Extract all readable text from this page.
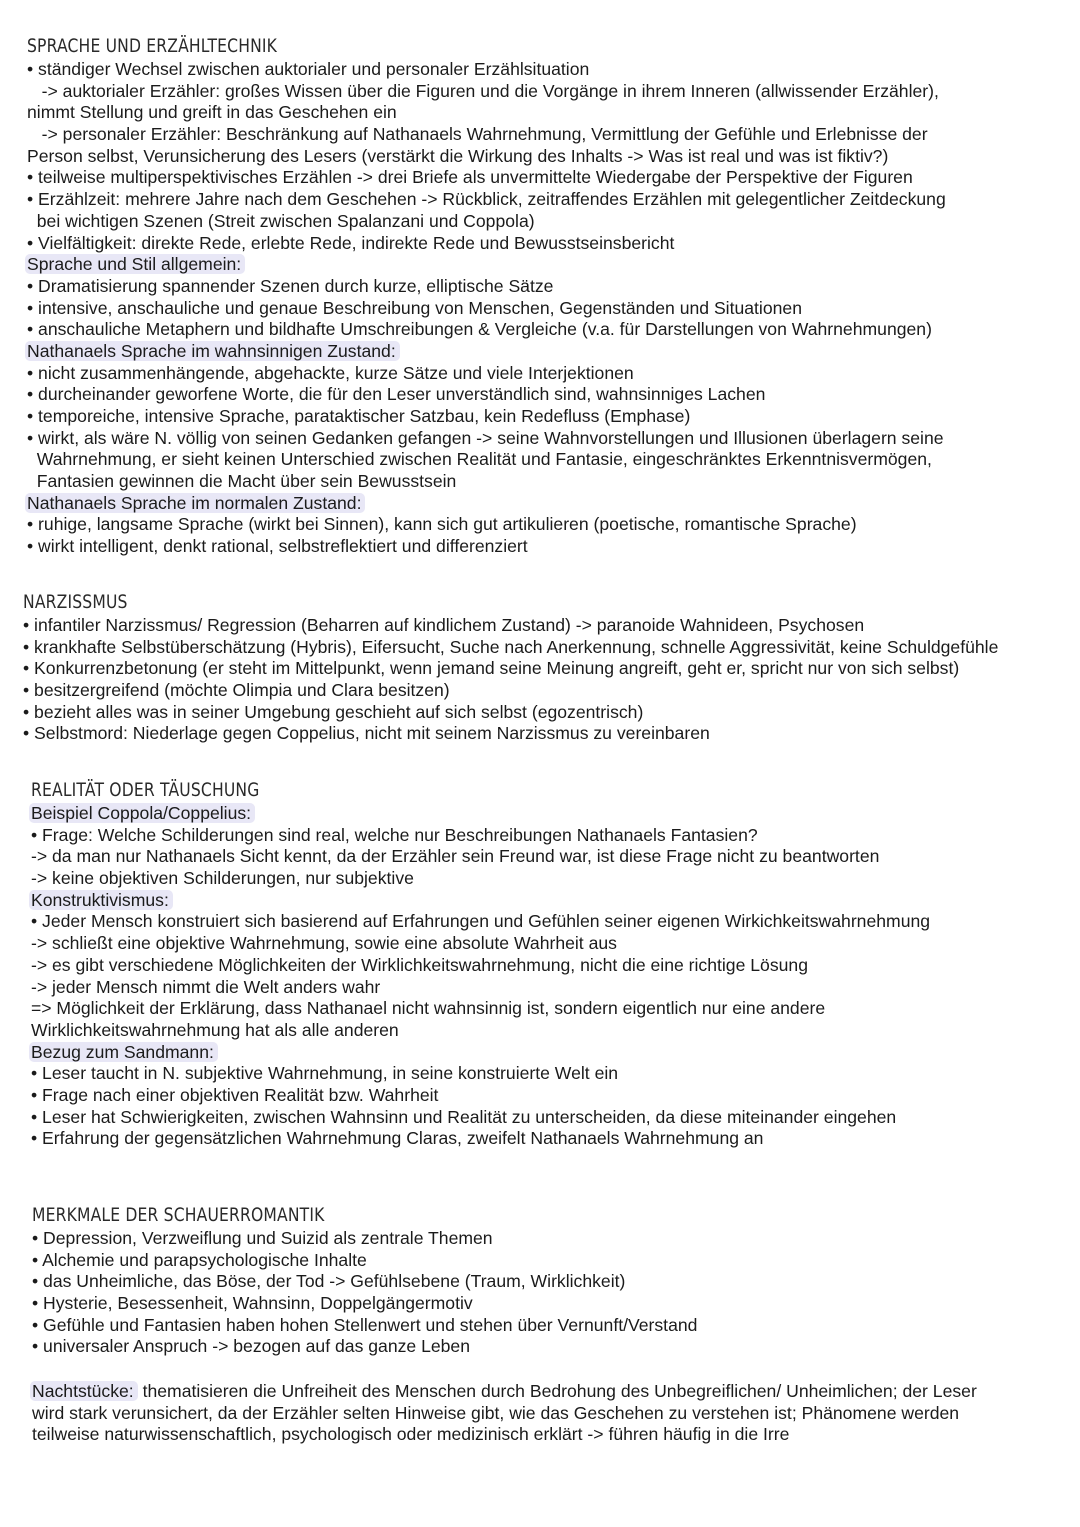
SPRACHE UND ERZÄHLTECHNIK
• ständiger Wechsel zwischen auktorialer und personaler Erzählsituation
-> auktorialer Erzähler: großes Wissen über die Figuren und die Vorgänge in ihrem Inneren (allwissender Erzähler),
nimmt Stellung und greift in das Geschehen ein
-> personaler Erzähler: Beschränkung auf Nathanaels Wahrnehmung, Vermittlung der Gefühle und Erlebnisse der
Person selbst, Verunsicherung des Lesers (verstärkt die Wirkung des Inhalts -> Was ist real und was ist fiktiv?)
• teilweise multiperspektivisches Erzählen -> drei Briefe als unvermittelte Wiedergabe der Perspektive der Figuren
• Erzählzeit: mehrere Jahre nach dem Geschehen -> Rückblick, zeitraffendes Erzählen mit gelegentlicher Zeitdeckung
bei wichtigen Szenen (Streit zwischen Spalanzani und Coppola)
• Vielfältigkeit: direkte Rede, erlebte Rede, indirekte Rede und Bewusstseinsbericht
Sprache und Stil allgemein:
• Dramatisierung spannender Szenen durch kurze, elliptische Sätze
• intensive, anschauliche und genaue Beschreibung von Menschen, Gegenständen und Situationen
• anschauliche Metaphern und bildhafte Umschreibungen & Vergleiche (v.a. für Darstellungen von Wahrnehmungen)
Nathanaels Sprache im wahnsinnigen Zustand:
• nicht zusammenhängende, abgehackte, kurze Sätze und viele Interjektionen
• durcheinander geworfene Worte, die für den Leser unverständlich sind, wahnsinniges Lachen
• temporeiche, intensive Sprache, parataktischer Satzbau, kein Redefluss (Emphase)
• wirkt, als wäre N. völlig von seinen Gedanken gefangen -> seine Wahnvorstellungen und Illusionen überlagern seine
Wahrnehmung, er sieht keinen Unterschied zwischen Realität und Fantasie, eingeschränktes Erkenntnisvermögen,
Fantasien gewinnen die Macht über sein Bewusstsein
Nathanaels Sprache im normalen Zustand:
• ruhige, langsame Sprache (wirkt bei Sinnen), kann sich gut artikulieren (poetische, romantische Sprache)
• wirkt intelligent, denkt rational, selbstreflektiert und differenziert
NARZISSMUS
• infantiler Narzissmus/ Regression (Beharren auf kindlichem Zustand) -> paranoide Wahnideen, Psychosen
• krankhafte Selbstüberschätzung (Hybris), Eifersucht, Suche nach Anerkennung, schnelle Aggressivität, keine Schuldgefühle
• Konkurrenzbetonung (er steht im Mittelpunkt, wenn jemand seine Meinung angreift, geht er, spricht nur von sich selbst)
• besitzergreifend (möchte Olimpia und Clara besitzen)
• bezieht alles was in seiner Umgebung geschieht auf sich selbst (egozentrisch)
• Selbstmord: Niederlage gegen Coppelius, nicht mit seinem Narzissmus zu vereinbaren
REALITÄT ODER TÄUSCHUNG
Beispiel Coppola/Coppelius:
• Frage: Welche Schilderungen sind real, welche nur Beschreibungen Nathanaels Fantasien?
-> da man nur Nathanaels Sicht kennt, da der Erzähler sein Freund war, ist diese Frage nicht zu beantworten
-> keine objektiven Schilderungen, nur subjektive
Konstruktivismus:
• Jeder Mensch konstruiert sich basierend auf Erfahrungen und Gefühlen seiner eigenen Wirkichkeitswahrnehmung
-> schließt eine objektive Wahrnehmung, sowie eine absolute Wahrheit aus
-> es gibt verschiedene Möglichkeiten der Wirklichkeitswahrnehmung, nicht die eine richtige Lösung
-> jeder Mensch nimmt die Welt anders wahr
=> Möglichkeit der Erklärung, dass Nathanael nicht wahnsinnig ist, sondern eigentlich nur eine andere
Wirklichkeitswahrnehmung hat als alle anderen
Bezug zum Sandmann:
• Leser taucht in N. subjektive Wahrnehmung, in seine konstruierte Welt ein
• Frage nach einer objektiven Realität bzw. Wahrheit
• Leser hat Schwierigkeiten, zwischen Wahnsinn und Realität zu unterscheiden, da diese miteinander eingehen
• Erfahrung der gegensätzlichen Wahrnehmung Claras, zweifelt Nathanaels Wahrnehmung an
MERKMALE DER SCHAUERROMANTIK
• Depression, Verzweiflung und Suizid als zentrale Themen
• Alchemie und parapsychologische Inhalte
• das Unheimliche, das Böse, der Tod -> Gefühlsebene (Traum, Wirklichkeit)
• Hysterie, Besessenheit, Wahnsinn, Doppelgängermotiv
• Gefühle und Fantasien haben hohen Stellenwert und stehen über Vernunft/Verstand
• universaler Anspruch -> bezogen auf das ganze Leben
Nachtstücke: thematisieren die Unfreiheit des Menschen durch Bedrohung des Unbegreiflichen/ Unheimlichen; der Leser
wird stark verunsichert, da der Erzähler selten Hinweise gibt, wie das Geschehen zu verstehen ist; Phänomene werden
teilweise naturwissenschaftlich, psychologisch oder medizinisch erklärt -> führen häufig in die Irre
